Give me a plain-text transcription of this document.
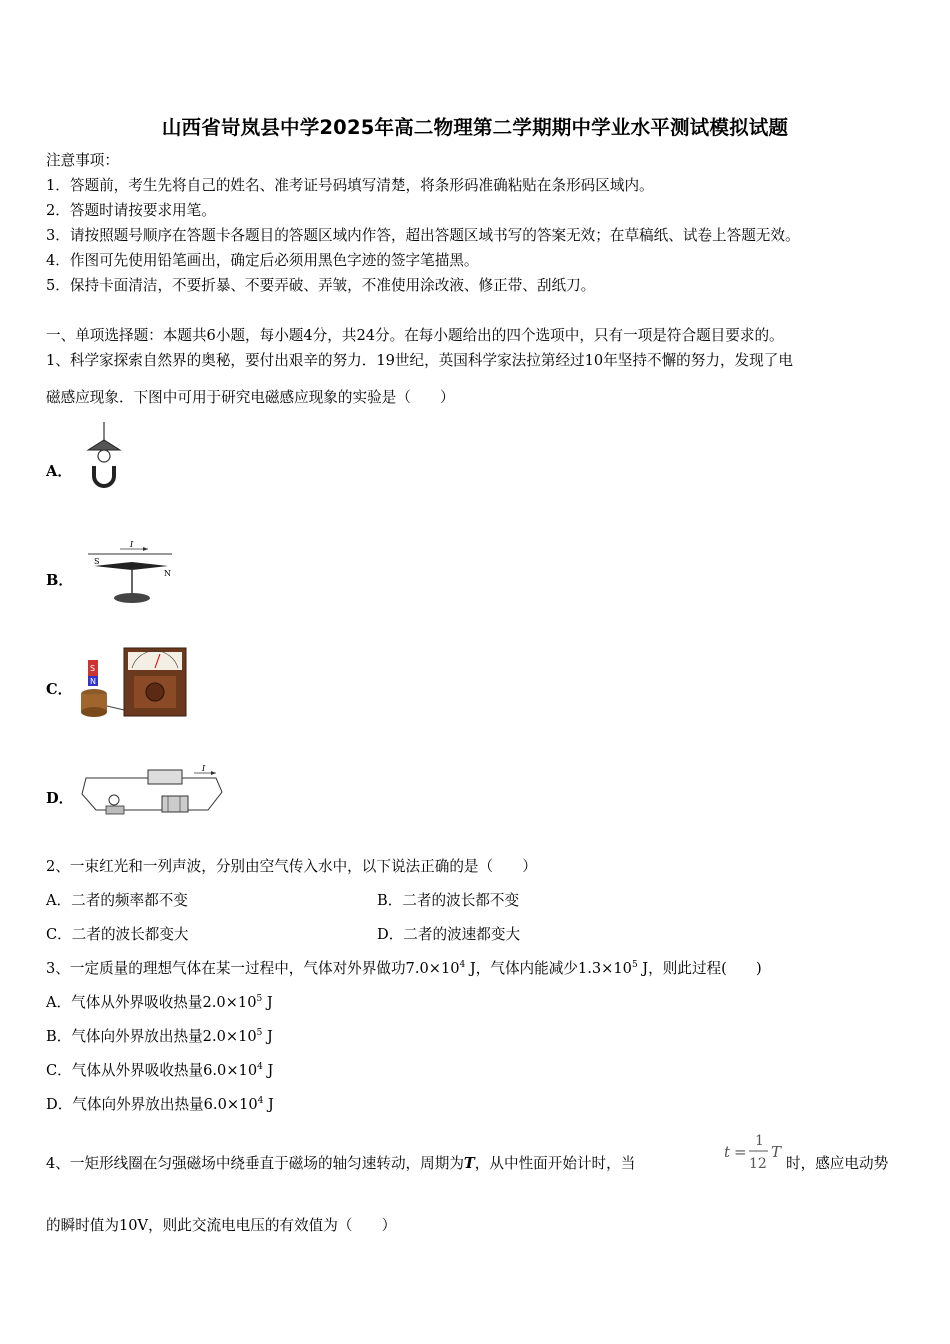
山西省岢岚县中学2025年高二物理第二学期期中学业水平测试模拟试题
注意事项：
1．答题前，考生先将自己的姓名、准考证号码填写清楚，将条形码准确粘贴在条形码区域内。
2．答题时请按要求用笔。
3．请按照题号顺序在答题卡各题目的答题区域内作答，超出答题区域书写的答案无效；在草稿纸、试卷上答题无效。
4．作图可先使用铅笔画出，确定后必须用黑色字迹的签字笔描黑。
5．保持卡面清洁，不要折暴、不要弄破、弄皱，不准使用涂改液、修正带、刮纸刀。
一、单项选择题：本题共6小题，每小题4分，共24分。在每小题给出的四个选项中，只有一项是符合题目要求的。
1、科学家探索自然界的奥秘，要付出艰辛的努力．19世纪，英国科学家法拉第经过10年坚持不懈的努力，发现了电
磁感应现象．下图中可用于研究电磁感应现象的实验是（　　）
A．
B．
I
S
N
C．
S
N
D．
I
2、一束红光和一列声波，分别由空气传入水中，以下说法正确的是（　　）
A．二者的频率都不变	B．二者的波长都不变
C．二者的波长都变大	D．二者的波速都变大
3、一定质量的理想气体在某一过程中，气体对外界做功$7.0\times 10^4$ J，气体内能减少$1.3\times 10^5$ J，则此过程(　　)
A．气体从外界吸收热量$2.0\times 10^5$ J
B．气体向外界放出热量$2.0\times 10^5$ J
C．气体从外界吸收热量$6.0\times 10^4$ J
D．气体向外界放出热量$6.0\times 10^4$ J
4、一矩形线圈在匀强磁场中绕垂直于磁场的轴匀速转动，周期为T，从中性面开始计时，当
t =
1
12
T
时，感应电动势
的瞬时值为10V，则此交流电电压的有效值为（　　）
